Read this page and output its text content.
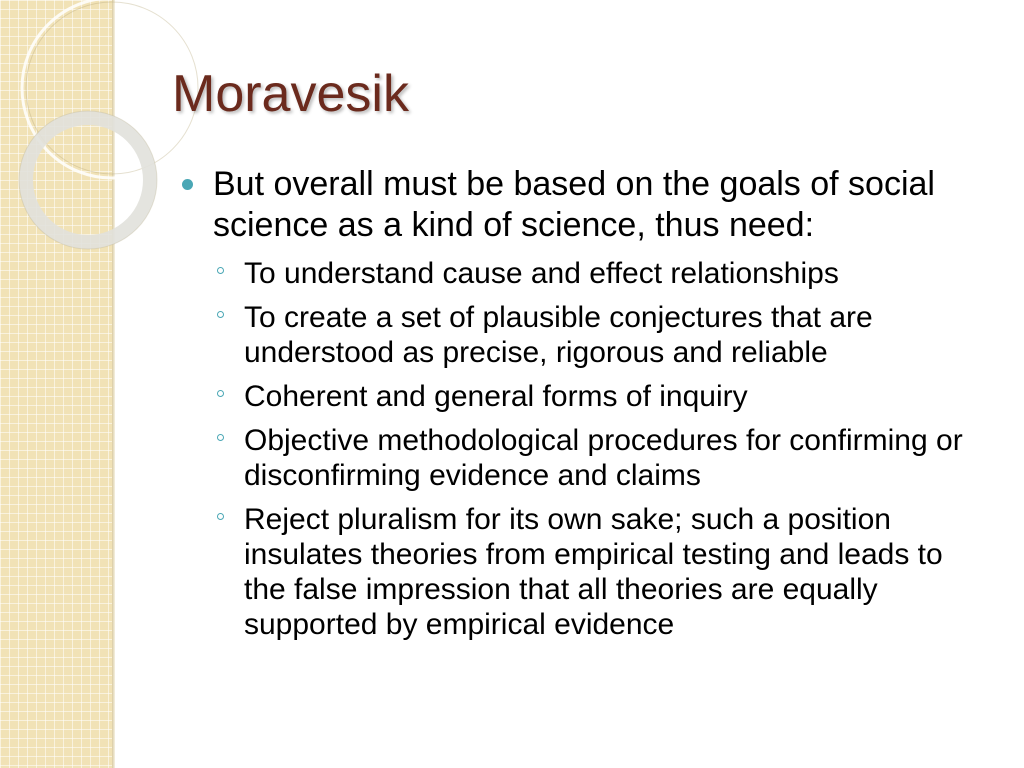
Moravesik
But overall must be based on the goals of social science as a kind of science, thus need:
To understand cause and effect relationships
To create a set of plausible conjectures that are understood as precise, rigorous and reliable
Coherent and general forms of inquiry
Objective methodological procedures for confirming or disconfirming evidence and claims
Reject pluralism for its own sake; such a position insulates theories from empirical testing and leads to the false impression that all theories are equally supported by empirical evidence
